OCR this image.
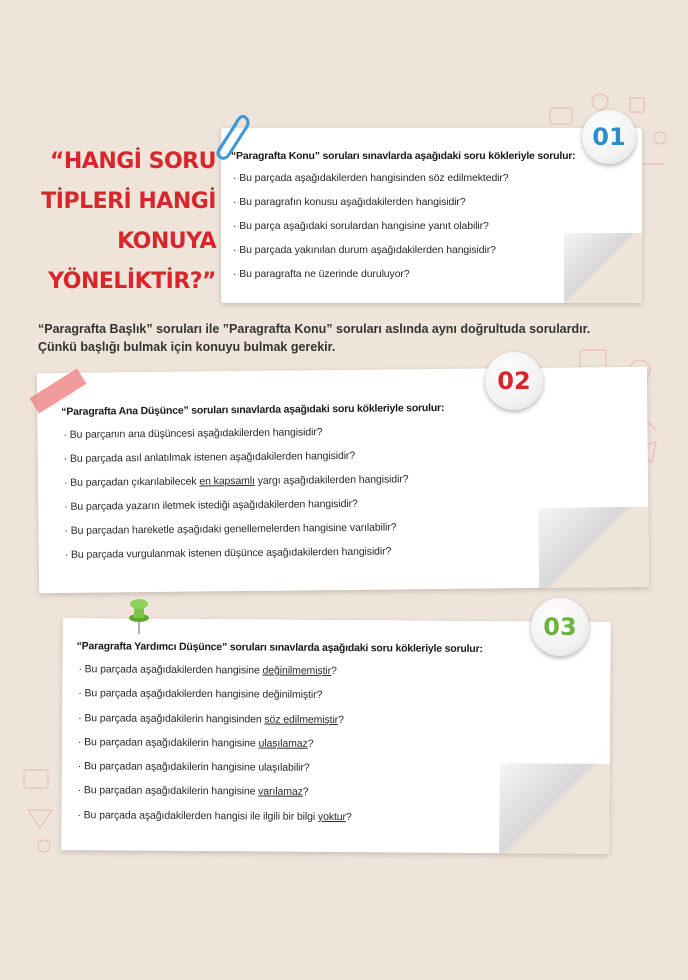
“HANGİ SORU
TİPLERİ HANGİ
KONUYA
YÖNELİKTİR?”
“Paragrafta Konu” soruları sınavlarda aşağıdaki soru kökleriyle sorulur:
· Bu parçada aşağıdakilerden hangisinden söz edilmektedir?
· Bu paragrafın konusu aşağıdakilerden hangisidir?
· Bu parça aşağıdaki sorulardan hangisine yanıt olabilir?
· Bu parçada yakınılan durum aşağıdakilerden hangisidir?
· Bu paragrafta ne üzerinde duruluyor?
01
“Paragrafta Başlık” soruları ile ”Paragrafta Konu” soruları aslında aynı doğrultuda sorulardır.
Çünkü başlığı bulmak için konuyu bulmak gerekir.
“Paragrafta Ana Düşünce” soruları sınavlarda aşağıdaki soru kökleriyle sorulur:
· Bu parçanın ana düşüncesi aşağıdakilerden hangisidir?
· Bu parçada asıl anlatılmak istenen aşağıdakilerden hangisidir?
· Bu parçadan çıkarılabilecek en kapsamlı yargı aşağıdakilerden hangisidir?
· Bu parçada yazarın iletmek istediği aşağıdakilerden hangisidir?
· Bu parçadan hareketle aşağıdaki genellemelerden hangisine varılabilir?
· Bu parçada vurgulanmak istenen düşünce aşağıdakilerden hangisidir?
02
“Paragrafta Yardımcı Düşünce” soruları sınavlarda aşağıdaki soru kökleriyle sorulur:
· Bu parçada aşağıdakilerden hangisine değinilmemiştir?
· Bu parçada aşağıdakilerden hangisine değinilmiştir?
· Bu parçada aşağıdakilerin hangisinden söz edilmemiştir?
· Bu parçadan aşağıdakilerin hangisine ulaşılamaz?
· Bu parçadan aşağıdakilerin hangisine ulaşılabilir?
· Bu parçadan aşağıdakilerin hangisine varılamaz?
· Bu parçada aşağıdakilerden hangisi ile ilgili bir bilgi yoktur?
03
